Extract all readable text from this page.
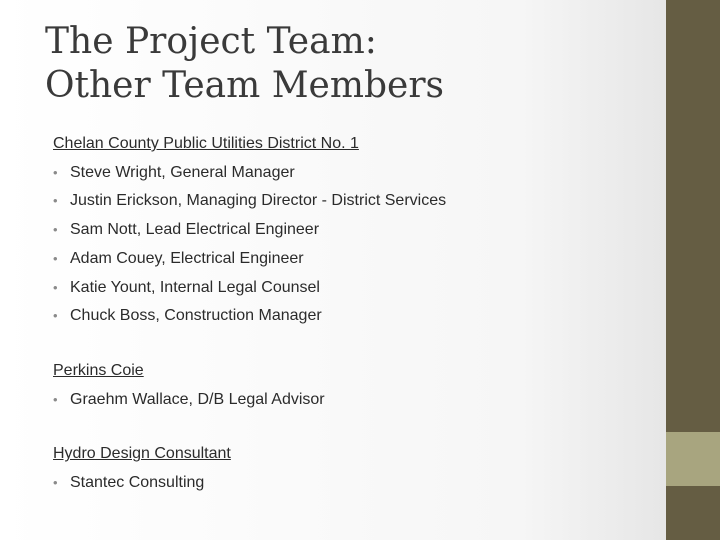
The Project Team:
Other Team Members
Chelan County Public Utilities District No. 1
• Steve Wright, General Manager
• Justin Erickson, Managing Director - District Services
• Sam Nott, Lead Electrical Engineer
• Adam Couey, Electrical Engineer
• Katie Yount, Internal Legal Counsel
• Chuck Boss, Construction Manager
Perkins Coie
• Graehm Wallace, D/B Legal Advisor
Hydro Design Consultant
• Stantec Consulting
